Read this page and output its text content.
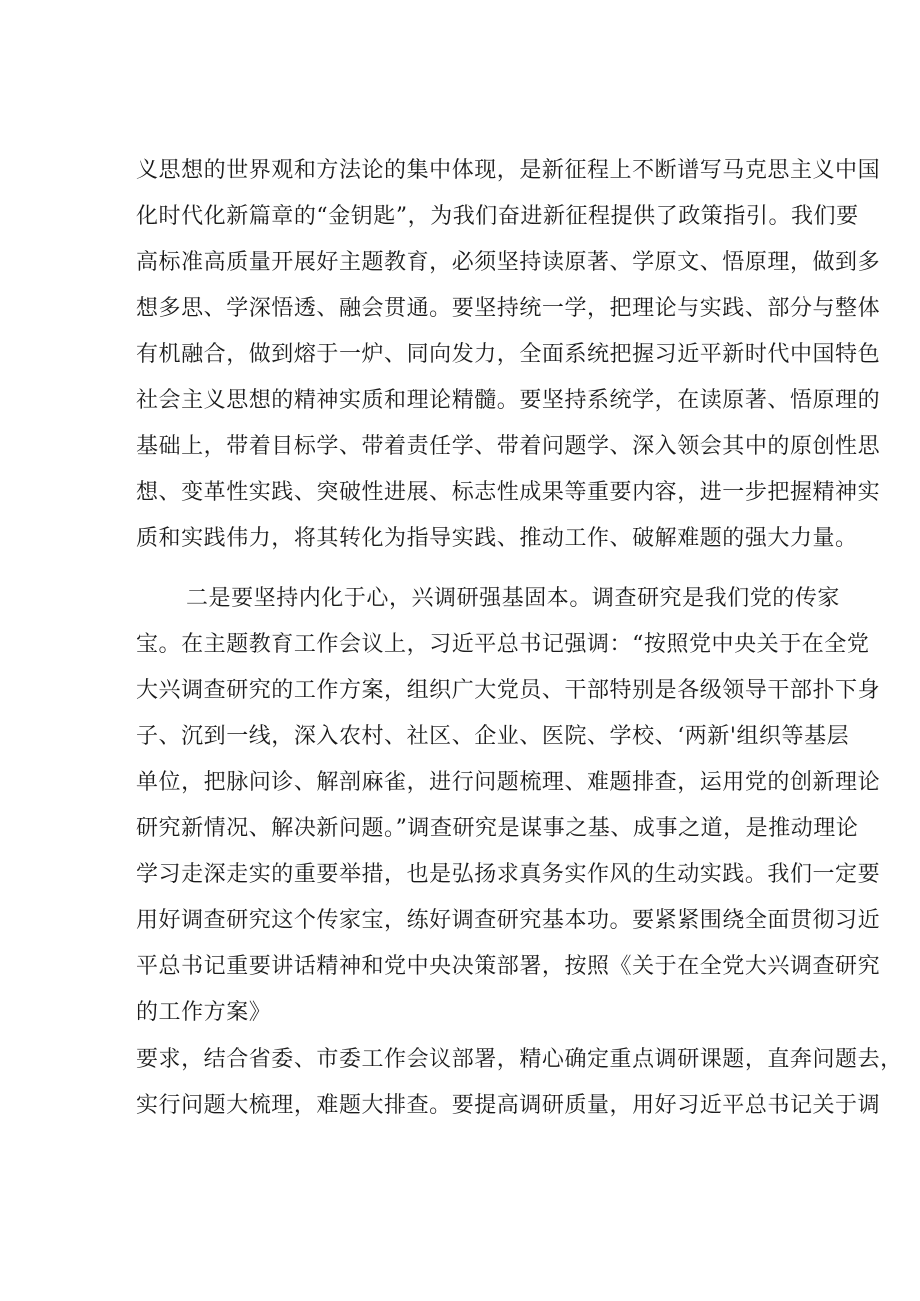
义思想的世界观和方法论的集中体现，是新征程上不断谱写马克思主义中国
化时代化新篇章的“金钥匙”，为我们奋进新征程提供了政策指引。我们要
高标准高质量开展好主题教育，必须坚持读原著、学原文、悟原理，做到多
想多思、学深悟透、融会贯通。要坚持统一学，把理论与实践、部分与整体
有机融合，做到熔于一炉、同向发力，全面系统把握习近平新时代中国特色
社会主义思想的精神实质和理论精髓。要坚持系统学，在读原著、悟原理的
基础上，带着目标学、带着责任学、带着问题学、深入领会其中的原创性思
想、变革性实践、突破性进展、标志性成果等重要内容，进一步把握精神实
质和实践伟力，将其转化为指导实践、推动工作、破解难题的强大力量。
二是要坚持内化于心，兴调研强基固本。调查研究是我们党的传家
宝。在主题教育工作会议上，习近平总书记强调：“按照党中央关于在全党
大兴调查研究的工作方案，组织广大党员、干部特别是各级领导干部扑下身
子、沉到一线，深入农村、社区、企业、医院、学校、‘两新'组织等基层
单位，把脉问诊、解剖麻雀，进行问题梳理、难题排查，运用党的创新理论
研究新情况、解决新问题。”调查研究是谋事之基、成事之道，是推动理论
学习走深走实的重要举措，也是弘扬求真务实作风的生动实践。我们一定要
用好调查研究这个传家宝，练好调查研究基本功。要紧紧围绕全面贯彻习近
平总书记重要讲话精神和党中央决策部署，按照《关于在全党大兴调查研究
的工作方案》
要求，结合省委、市委工作会议部署，精心确定重点调研课题，直奔问题去，
实行问题大梳理，难题大排查。要提高调研质量，用好习近平总书记关于调
